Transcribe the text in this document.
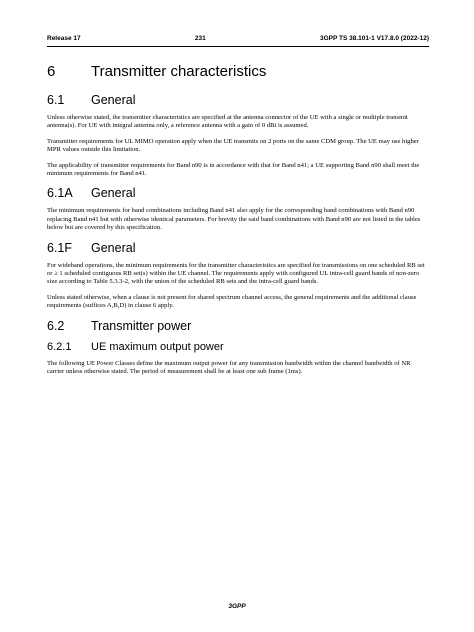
Release 17	231	3GPP TS 38.101-1 V17.8.0 (2022-12)
6	Transmitter characteristics
6.1	General

Unless otherwise stated, the transmitter characteristics are specified at the antenna connector of the UE with a single or multiple transmit antenna(s). For UE with integral antenna only, a reference antenna with a gain of 0 dBi is assumed.

Transmitter requirements for UL MIMO operation apply when the UE transmits on 2 ports on the same CDM group. The UE may use higher MPR values outside this limitation.

The applicability of transmitter requirements for Band n90 is in accordance with that for Band n41; a UE supporting Band n90 shall meet the minimum requirements for Band n41.

6.1A	General

The minimum requirements for band combinations including Band n41 also apply for the corresponding band combinations with Band n90 replacing Band n41 but with otherwise identical parameters. For brevity the said band combinations with Band n90 are not listed in the tables below but are covered by this specification.

6.1F	General

For wideband operations, the minimum requirements for the transmitter characteristics are specified for transmissions on one scheduled RB set or ≥ 1 scheduled contiguous RB set(s) within the UE channel. The requirements apply with configured UL intra-cell guard bands of non-zero size according to Table 5.3.3-2, with the union of the scheduled RB sets and the intra-cell guard bands.

Unless stated otherwise, when a clause is not present for shared spectrum channel access, the general requirements and the additional clause requirements (suffices A,B,D) in clause 6 apply.

6.2	Transmitter power
6.2.1	UE maximum output power

The following UE Power Classes define the maximum output power for any transmission bandwidth within the channel bandwidth of NR carrier unless otherwise stated. The period of measurement shall be at least one sub frame (1ms).

3GPP
